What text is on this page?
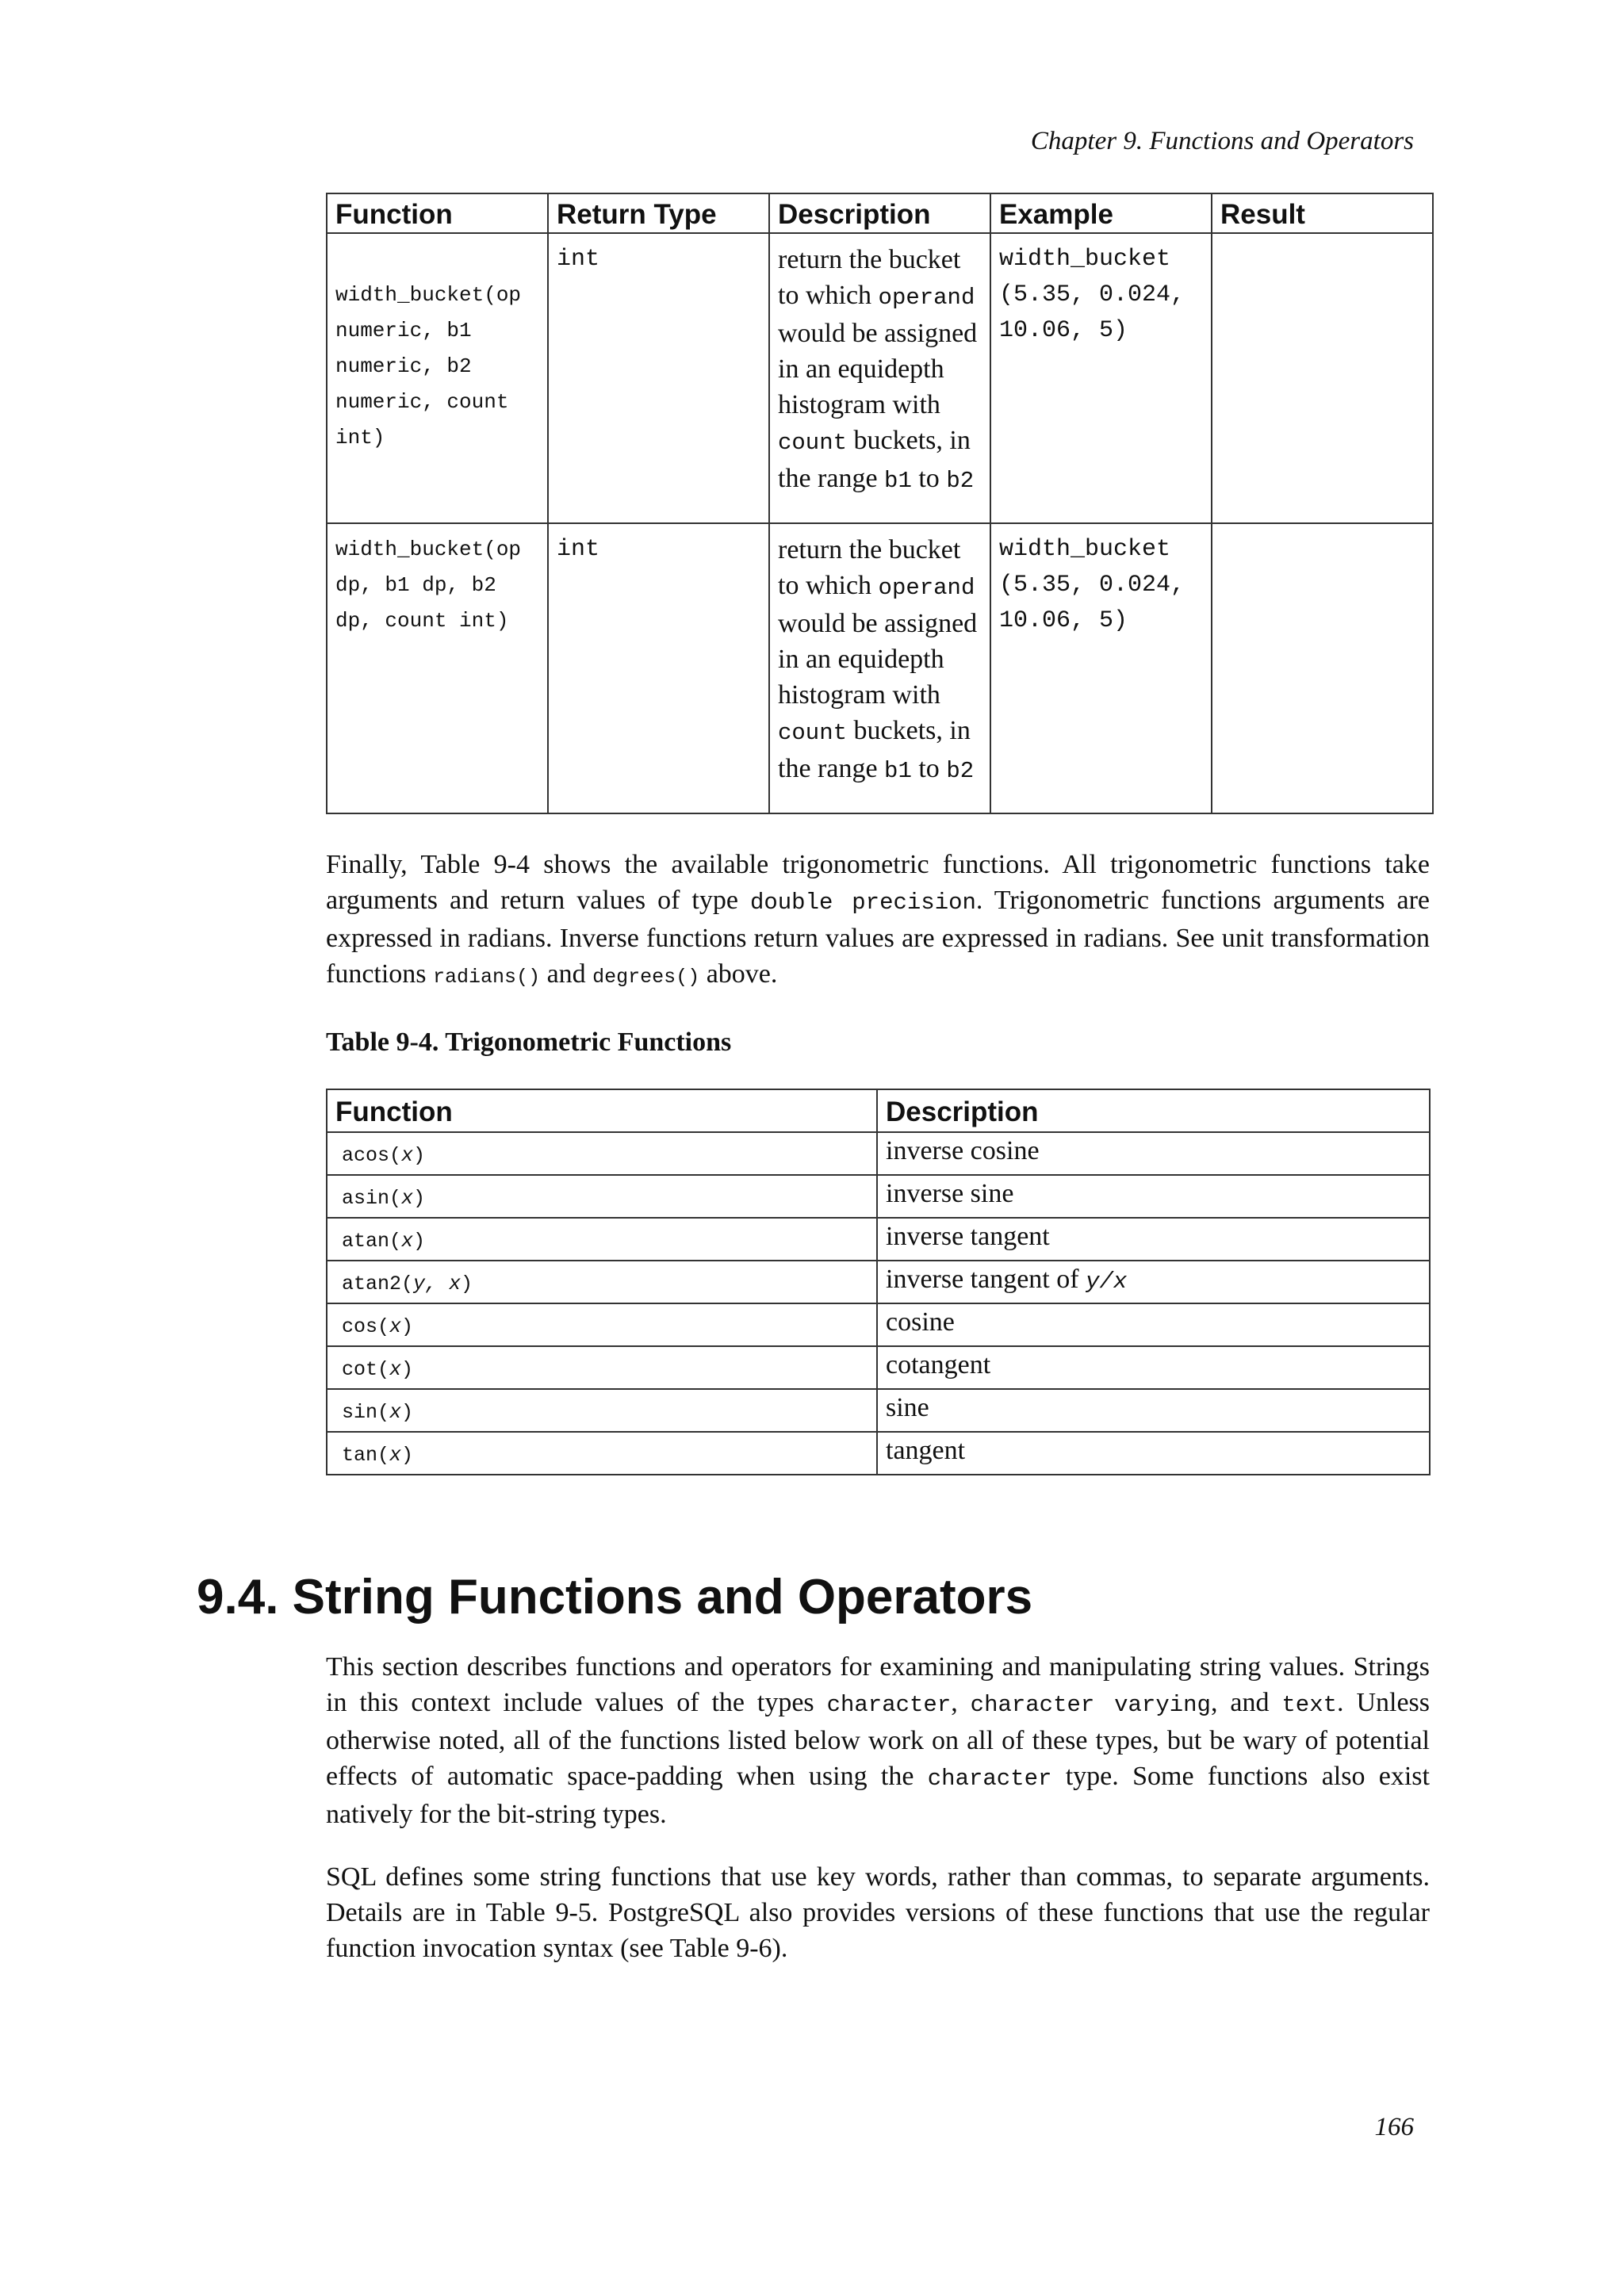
Chapter 9. Functions and Operators
Function	Return Type	Description	Example	Result

width_bucket(op
numeric, b1
numeric, b2
numeric, count
int)	int	return the bucket to which operand would be assigned in an equidepth histogram with count buckets, in the range b1 to b2	width_bucket(5.35, 0.024, 10.06, 5)	

width_bucket(op
dp, b1 dp, b2
dp, count int)	int	return the bucket to which operand would be assigned in an equidepth histogram with count buckets, in the range b1 to b2	width_bucket(5.35, 0.024, 10.06, 5)	

Finally, Table 9-4 shows the available trigonometric functions. All trigonometric functions take arguments and return values of type double precision. Trigonometric functions arguments are expressed in radians. Inverse functions return values are expressed in radians. See unit transformation functions radians() and degrees() above.
Table 9-4. Trigonometric Functions
Function	Description
acos(x)	inverse cosine
asin(x)	inverse sine
atan(x)	inverse tangent
atan2(y, x)	inverse tangent of y/x
cos(x)	cosine
cot(x)	cotangent
sin(x)	sine
tan(x)	tangent
9.4. String Functions and Operators
This section describes functions and operators for examining and manipulating string values. Strings in this context include values of the types character, character varying, and text. Unless otherwise noted, all of the functions listed below work on all of these types, but be wary of potential effects of automatic space-padding when using the character type. Some functions also exist natively for the bit-string types.
SQL defines some string functions that use key words, rather than commas, to separate arguments. Details are in Table 9-5. PostgreSQL also provides versions of these functions that use the regular function invocation syntax (see Table 9-6).
166
